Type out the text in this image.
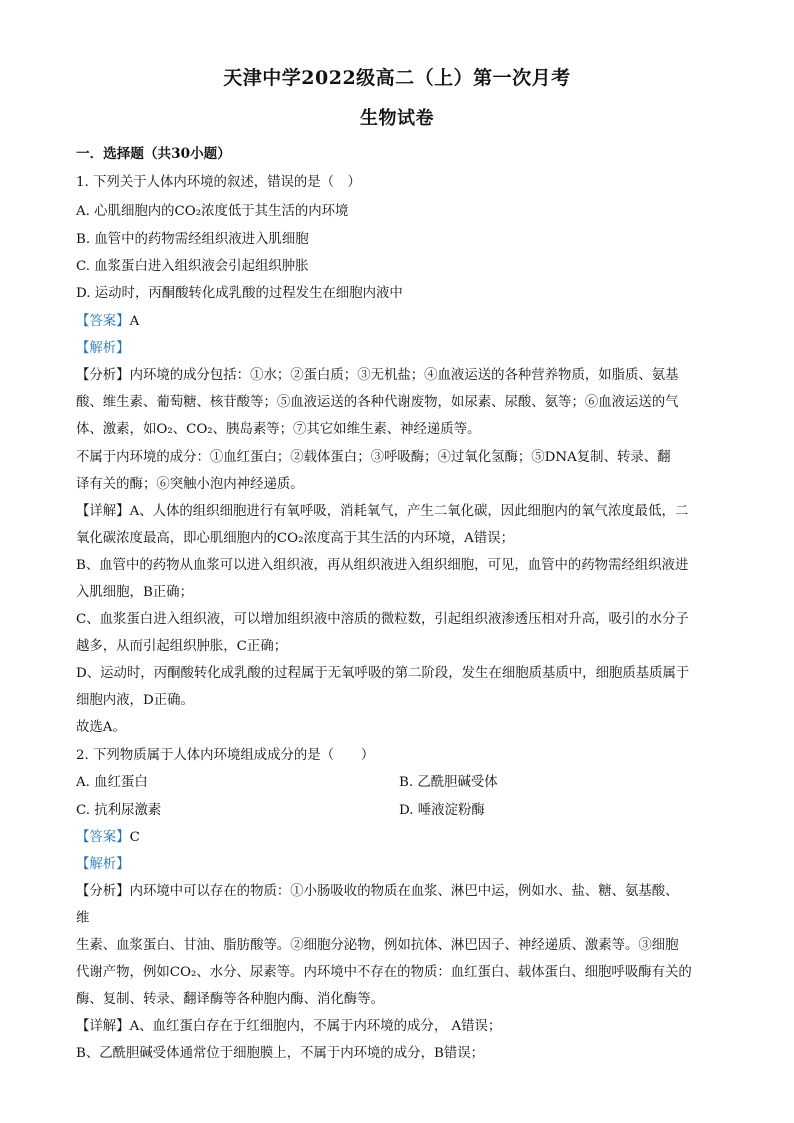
天津中学2022级高二（上）第一次月考
生物试卷
一．选择题（共30小题）
1. 下列关于人体内环境的叙述，错误的是（　）
A. 心肌细胞内的CO₂浓度低于其生活的内环境
B. 血管中的药物需经组织液进入肌细胞
C. 血浆蛋白进入组织液会引起组织肿胀
D. 运动时，丙酮酸转化成乳酸的过程发生在细胞内液中
【答案】A
【解析】
【分析】内环境的成分包括：①水；②蛋白质；③无机盐；④血液运送的各种营养物质，如脂质、氨基
酸、维生素、葡萄糖、核苷酸等；⑤血液运送的各种代谢废物，如尿素、尿酸、氨等；⑥血液运送的气
体、激素，如O₂、CO₂、胰岛素等；⑦其它如维生素、神经递质等。
不属于内环境的成分：①血红蛋白；②载体蛋白；③呼吸酶；④过氧化氢酶；⑤DNA复制、转录、翻
译有关的酶；⑥突触小泡内神经递质。
【详解】A、人体的组织细胞进行有氧呼吸，消耗氧气，产生二氧化碳，因此细胞内的氧气浓度最低，二
氧化碳浓度最高，即心肌细胞内的CO₂浓度高于其生活的内环境，A错误；
B、血管中的药物从血浆可以进入组织液，再从组织液进入组织细胞，可见，血管中的药物需经组织液进
入肌细胞，B正确；
C、血浆蛋白进入组织液，可以增加组织液中溶质的微粒数，引起组织液渗透压相对升高，吸引的水分子
越多，从而引起组织肿胀，C正确；
D、运动时，丙酮酸转化成乳酸的过程属于无氧呼吸的第二阶段，发生在细胞质基质中，细胞质基质属于
细胞内液，D正确。
故选A。
2. 下列物质属于人体内环境组成成分的是（　　）
A. 血红蛋白	B. 乙酰胆碱受体
C. 抗利尿激素	D. 唾液淀粉酶
【答案】C
【解析】
【分析】内环境中可以存在的物质：①小肠吸收的物质在血浆、淋巴中运，例如水、盐、糖、氨基酸、
维
生素、血浆蛋白、甘油、脂肪酸等。②细胞分泌物，例如抗体、淋巴因子、神经递质、激素等。③细胞
代谢产物，例如CO₂、水分、尿素等。内环境中不存在的物质：血红蛋白、载体蛋白、细胞呼吸酶有关的
酶、复制、转录、翻译酶等各种胞内酶、消化酶等。
【详解】A、血红蛋白存在于红细胞内，不属于内环境的成分， A错误；
B、乙酰胆碱受体通常位于细胞膜上，不属于内环境的成分，B错误；
